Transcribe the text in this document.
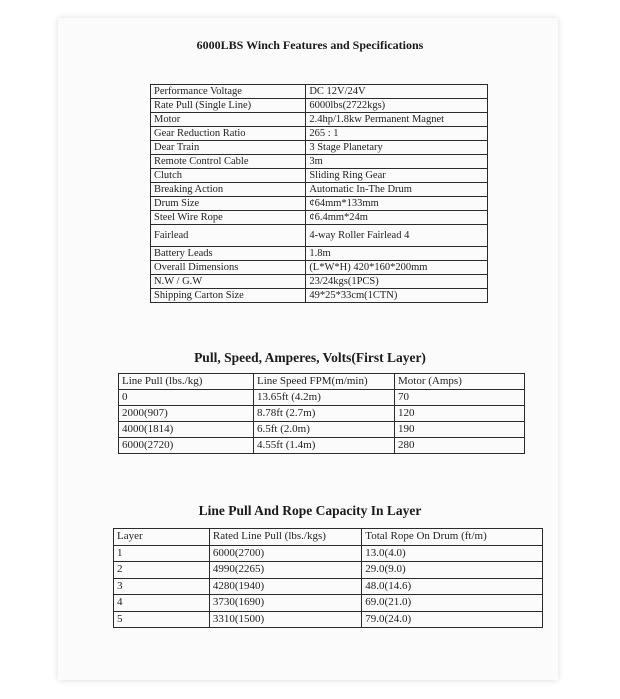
6000LBS Winch Features and Specifications
Performance Voltage	DC 12V/24V
Rate Pull (Single Line)	6000lbs(2722kgs)
Motor	2.4hp/1.8kw Permanent Magnet
Gear Reduction Ratio	265 : 1
Dear Train	3 Stage Planetary
Remote Control Cable	3m
Clutch	Sliding Ring Gear
Breaking Action	Automatic In-The Drum
Drum Size	ȼ64mm*133mm
Steel Wire Rope	ȼ6.4mm*24m
Fairlead	4-way Roller Fairlead 4
Battery Leads	1.8m
Overall Dimensions	(L*W*H) 420*160*200mm
N.W / G.W	23/24kgs(1PCS)
Shipping Carton Size	49*25*33cm(1CTN)
Pull, Speed, Amperes, Volts(First Layer)
Line Pull (lbs./kg)	Line Speed FPM(m/min)	Motor (Amps)
0	13.65ft (4.2m)	70
2000(907)	8.78ft (2.7m)	120
4000(1814)	6.5ft (2.0m)	190
6000(2720)	4.55ft (1.4m)	280
Line Pull And Rope Capacity In Layer
Layer	Rated Line Pull (lbs./kgs)	Total Rope On Drum (ft/m)
1	6000(2700)	13.0(4.0)
2	4990(2265)	29.0(9.0)
3	4280(1940)	48.0(14.6)
4	3730(1690)	69.0(21.0)
5	3310(1500)	79.0(24.0)
